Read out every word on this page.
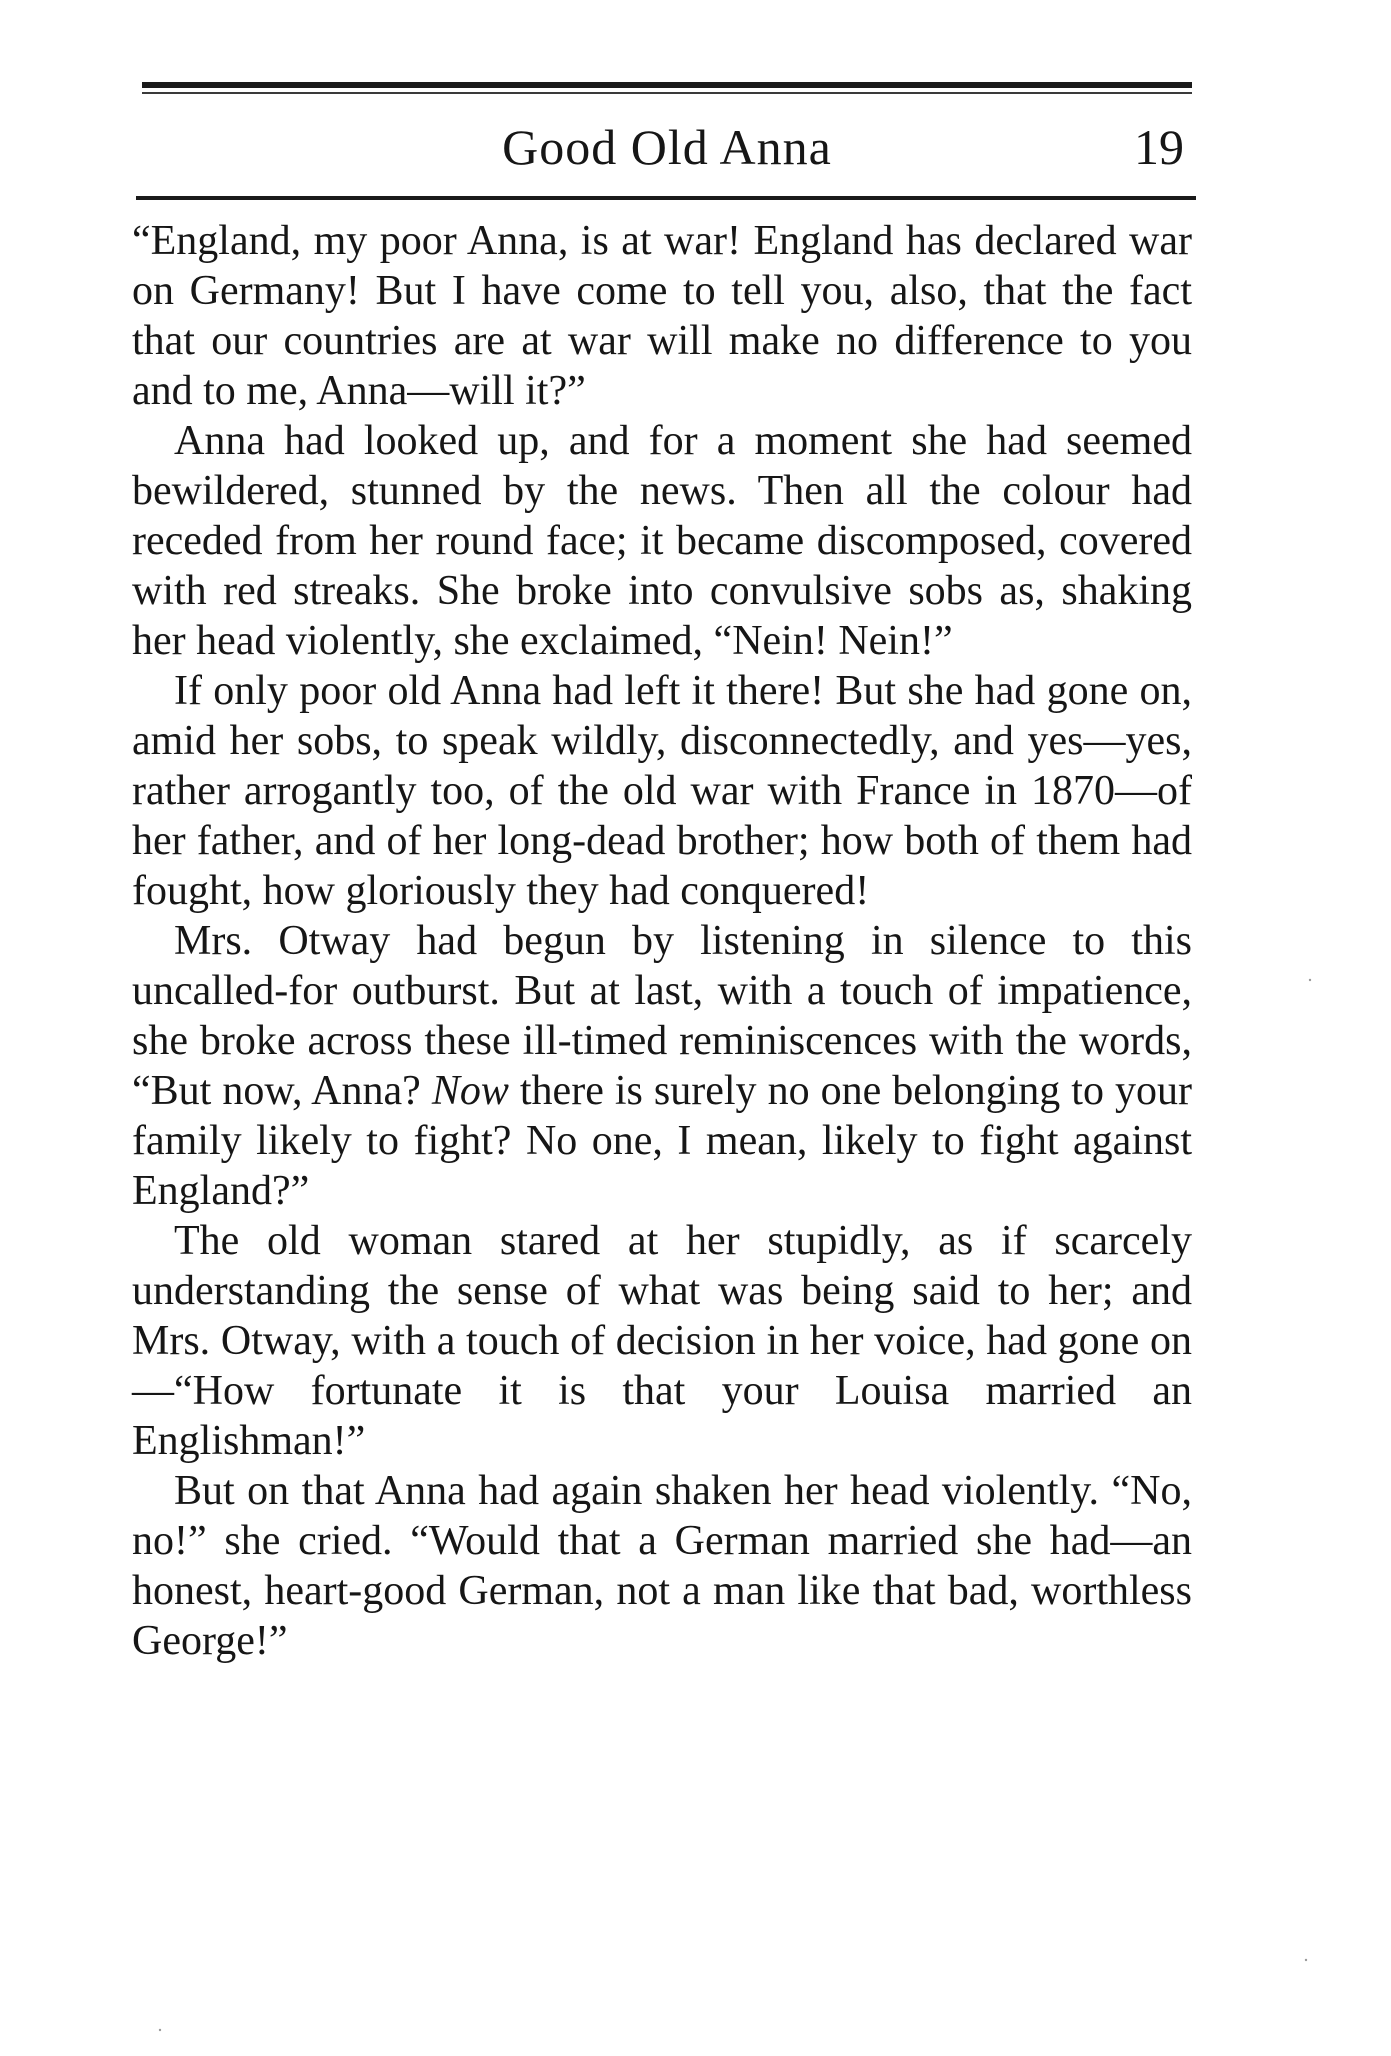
Good Old Anna	19

“England, my poor Anna, is at war! England has declared war on Germany! But I have come to tell you, also, that the fact that our countries are at war will make no difference to you and to me, Anna—will it?”

Anna had looked up, and for a moment she had seemed bewildered, stunned by the news. Then all the colour had receded from her round face; it became discomposed, covered with red streaks. She broke into convulsive sobs as, shaking her head violently, she exclaimed, “Nein! Nein!”

If only poor old Anna had left it there! But she had gone on, amid her sobs, to speak wildly, disconnectedly, and yes—yes, rather arrogantly too, of the old war with France in 1870—of her father, and of her long-dead brother; how both of them had fought, how gloriously they had conquered!

Mrs. Otway had begun by listening in silence to this uncalled-for outburst. But at last, with a touch of impatience, she broke across these ill-timed reminiscences with the words, “But now, Anna? Now there is surely no one belonging to your family likely to fight? No one, I mean, likely to fight against England?”

The old woman stared at her stupidly, as if scarcely understanding the sense of what was being said to her; and Mrs. Otway, with a touch of decision in her voice, had gone on—“How fortunate it is that your Louisa married an Englishman!”

But on that Anna had again shaken her head violently. “No, no!” she cried. “Would that a German married she had—an honest, heart-good German, not a man like that bad, worthless George!”
